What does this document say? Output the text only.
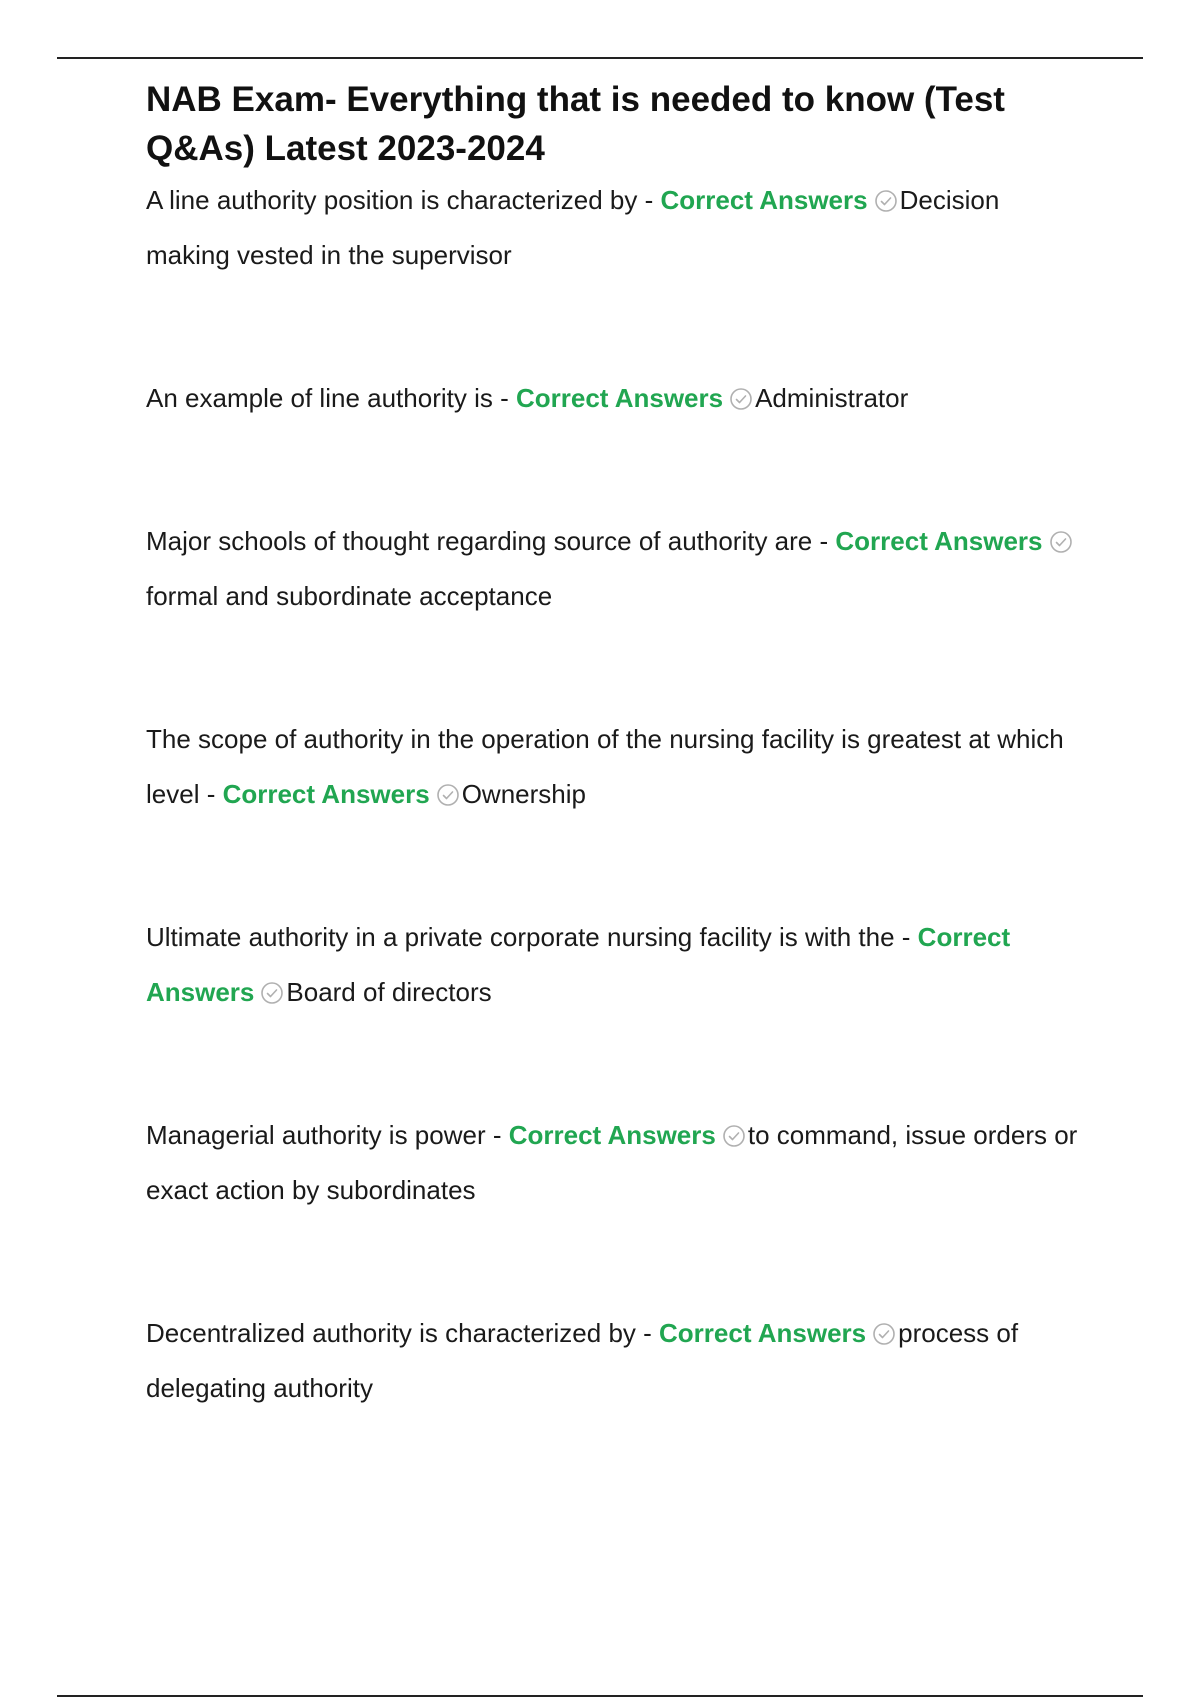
NAB Exam- Everything that is needed to know (Test Q&As) Latest 2023-2024
A line authority position is characterized by - Correct Answers Decision making vested in the supervisor
An example of line authority is - Correct Answers Administrator
Major schools of thought regarding source of authority are - Correct Answers
formal and subordinate acceptance
The scope of authority in the operation of the nursing facility is greatest at which level - Correct Answers Ownership
Ultimate authority in a private corporate nursing facility is with the - Correct Answers Board of directors
Managerial authority is power - Correct Answers to command, issue orders or exact action by subordinates
Decentralized authority is characterized by - Correct Answers process of delegating authority
